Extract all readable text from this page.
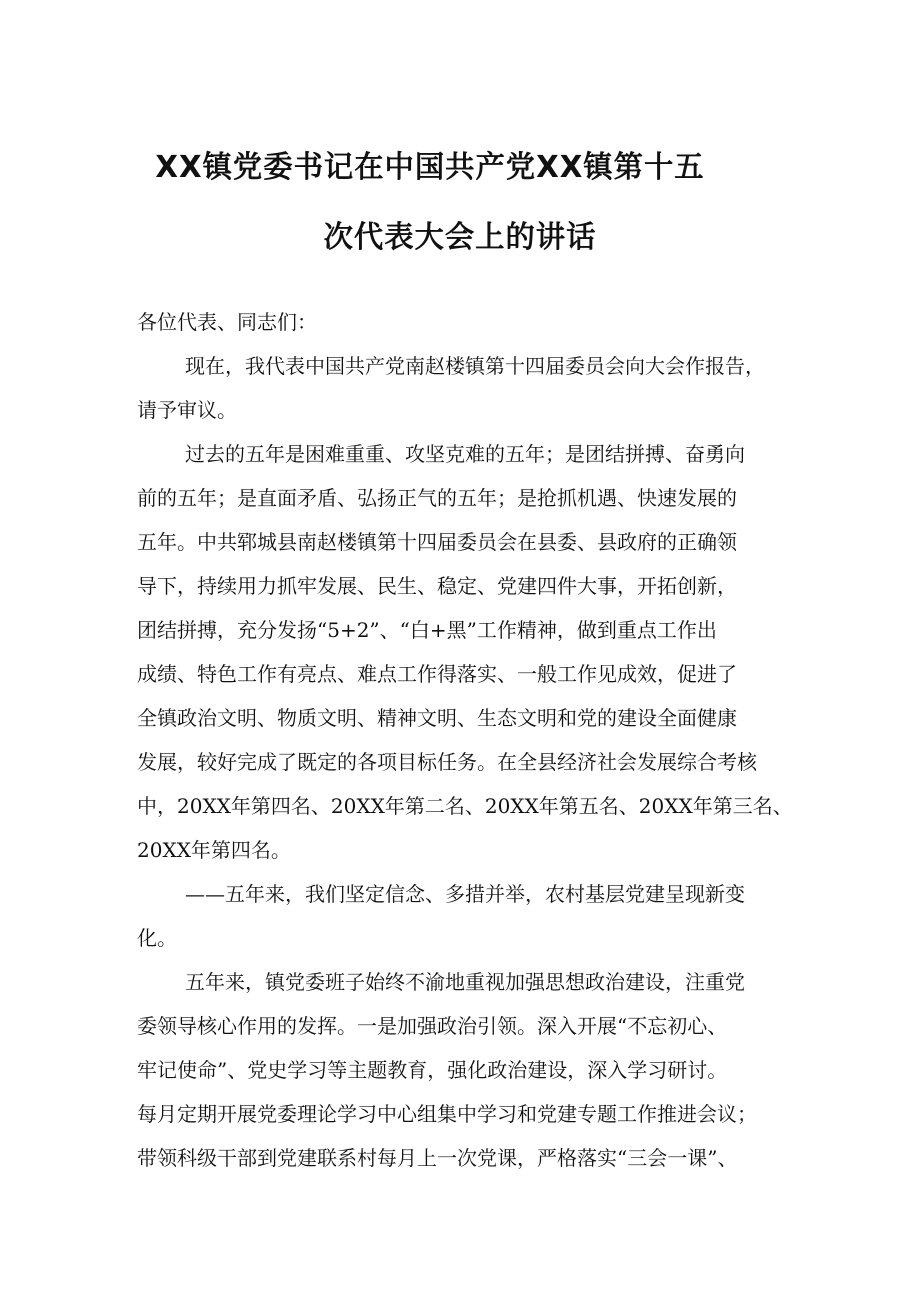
XX镇党委书记在中国共产党XX镇第十五
次代表大会上的讲话
各位代表、同志们：
现在，我代表中国共产党南赵楼镇第十四届委员会向大会作报告，
请予审议。
过去的五年是困难重重、攻坚克难的五年；是团结拼搏、奋勇向
前的五年；是直面矛盾、弘扬正气的五年；是抢抓机遇、快速发展的
五年。中共郓城县南赵楼镇第十四届委员会在县委、县政府的正确领
导下，持续用力抓牢发展、民生、稳定、党建四件大事，开拓创新，
团结拼搏，充分发扬“5+2”、“白+黑”工作精神，做到重点工作出
成绩、特色工作有亮点、难点工作得落实、一般工作见成效，促进了
全镇政治文明、物质文明、精神文明、生态文明和党的建设全面健康
发展，较好完成了既定的各项目标任务。在全县经济社会发展综合考核
中，20XX年第四名、20XX年第二名、20XX年第五名、20XX年第三名、
20XX年第四名。
——五年来，我们坚定信念、多措并举，农村基层党建呈现新变
化。
五年来，镇党委班子始终不渝地重视加强思想政治建设，注重党
委领导核心作用的发挥。一是加强政治引领。深入开展“不忘初心、
牢记使命”、党史学习等主题教育，强化政治建设，深入学习研讨。
每月定期开展党委理论学习中心组集中学习和党建专题工作推进会议；
带领科级干部到党建联系村每月上一次党课，严格落实“三会一课”、
